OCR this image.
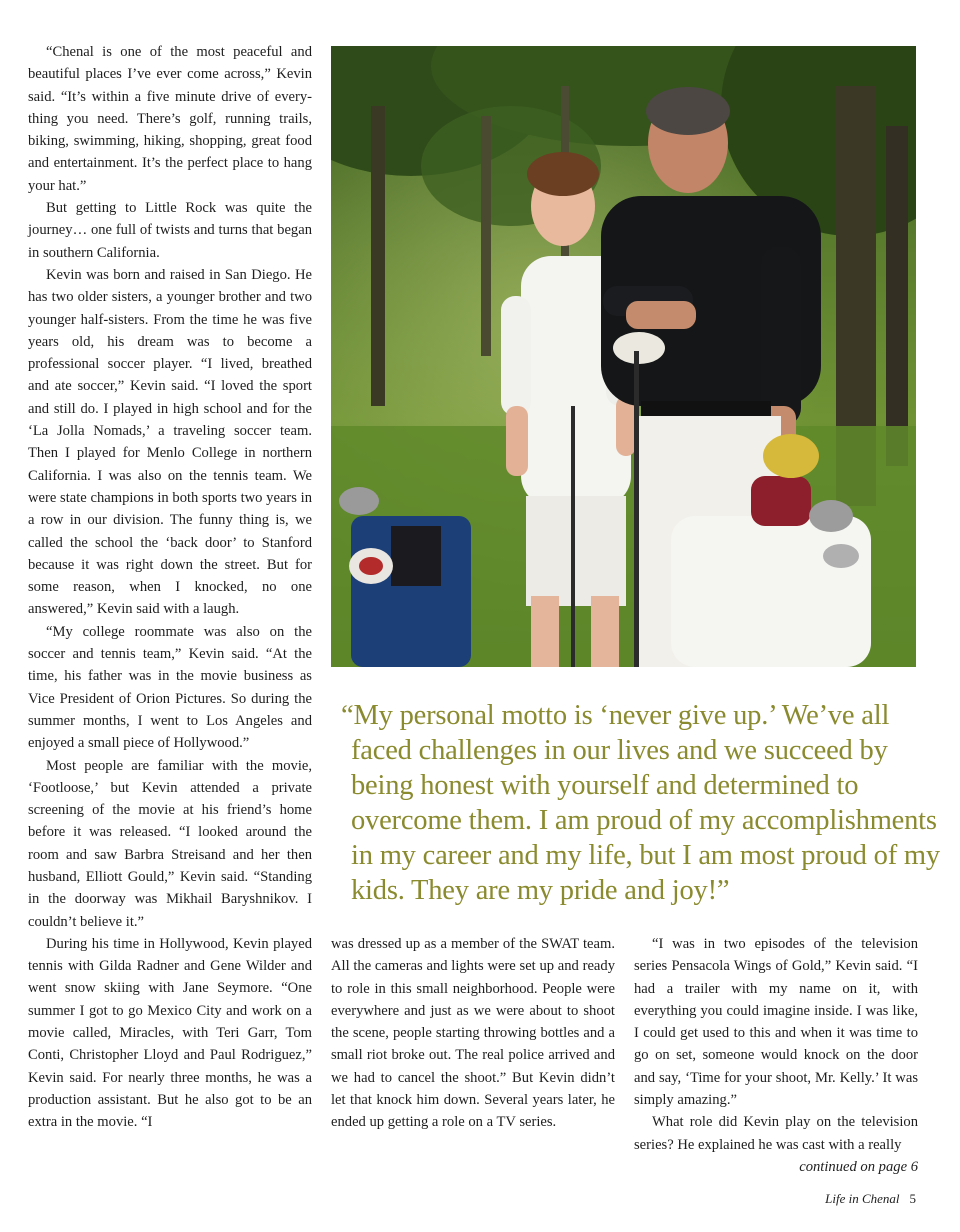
“Chenal is one of the most peaceful and beautiful places I’ve ever come across,” Kevin said. “It’s within a five minute drive of everything you need. There’s golf, running trails, biking, swimming, hiking, shopping, great food and entertainment. It’s the perfect place to hang your hat.”

But getting to Little Rock was quite the journey… one full of twists and turns that began in southern California.

Kevin was born and raised in San Diego. He has two older sisters, a younger brother and two younger half-sisters. From the time he was five years old, his dream was to become a professional soccer player. “I lived, breathed and ate soccer,” Kevin said. “I loved the sport and still do. I played in high school and for the ‘La Jolla Nomads,’ a traveling soccer team. Then I played for Menlo College in northern California. I was also on the tennis team. We were state champions in both sports two years in a row in our division. The funny thing is, we called the school the ‘back door’ to Stanford because it was right down the street. But for some reason, when I knocked, no one answered,” Kevin said with a laugh.

“My college roommate was also on the soccer and tennis team,” Kevin said. “At the time, his father was in the movie business as Vice President of Orion Pictures. So during the summer months, I went to Los Angeles and enjoyed a small piece of Hollywood.”

Most people are familiar with the movie, ‘Footloose,’ but Kevin attended a private screening of the movie at his friend’s home before it was released. “I looked around the room and saw Barbra Streisand and her then husband, Elliott Gould,” Kevin said. “Standing in the doorway was Mikhail Baryshnikov. I couldn’t believe it.”

During his time in Hollywood, Kevin played tennis with Gilda Radner and Gene Wilder and went snow skiing with Jane Seymore. “One summer I got to go Mexico City and work on a movie called, Miracles, with Teri Garr, Tom Conti, Christopher Lloyd and Paul Rodriguez,” Kevin said. For nearly three months, he was a production assistant. But he also got to be an extra in the movie. “I

“My personal motto is ‘never give up.’ We’ve all faced challenges in our lives and we succeed by being honest with yourself and determined to overcome them. I am proud of my accomplishments in my career and my life, but I am most proud of my kids. They are my pride and joy!”

was dressed up as a member of the SWAT team. All the cameras and lights were set up and ready to role in this small neighborhood. People were everywhere and just as we were about to shoot the scene, people starting throwing bottles and a small riot broke out. The real police arrived and we had to cancel the shoot.” But Kevin didn’t let that knock him down. Several years later, he ended up getting a role on a TV series.

“I was in two episodes of the television series Pensacola Wings of Gold,” Kevin said. “I had a trailer with my name on it, with everything you could imagine inside. I was like, I could get used to this and when it was time to go on set, someone would knock on the door and say, ‘Time for your shoot, Mr. Kelly.’ It was simply amazing.”

What role did Kevin play on the television series? He explained he was cast with a really

continued on page 6

Life in Chenal 5
